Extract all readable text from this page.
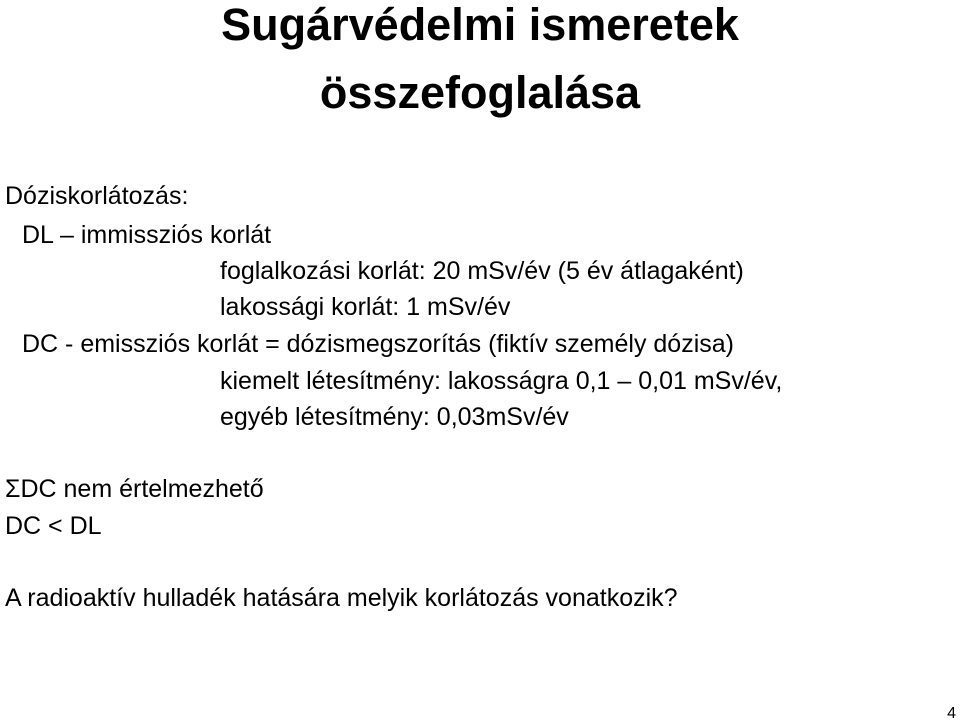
Sugárvédelmi ismeretek
összefoglalása
Dóziskorlátozás:
DL – immissziós korlát
foglalkozási korlát: 20 mSv/év (5 év átlagaként)
lakossági korlát: 1 mSv/év
DC - emissziós korlát = dózismegszorítás (fiktív személy dózisa)
kiemelt létesítmény: lakosságra 0,1 – 0,01 mSv/év,
egyéb létesítmény: 0,03mSv/év
ΣDC nem értelmezhető
DC < DL
A radioaktív hulladék hatására melyik korlátozás vonatkozik?
4
